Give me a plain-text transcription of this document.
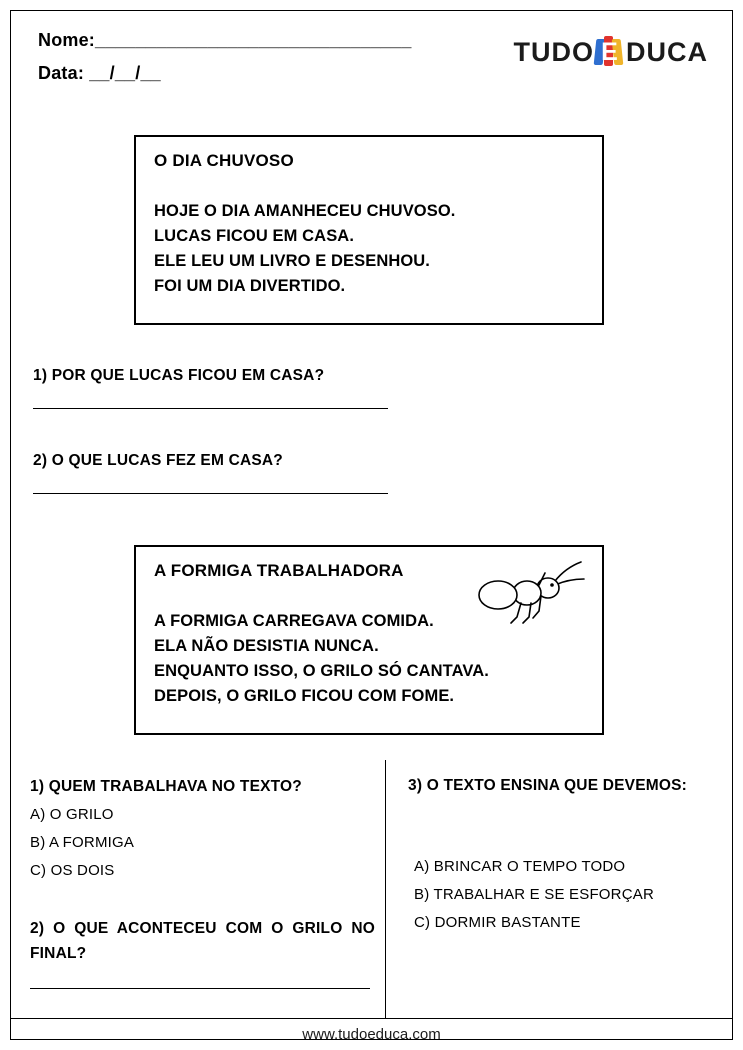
Nome:_______________________________
Data: __/__/__
TUDO E DUCA
O DIA CHUVOSO
HOJE O DIA AMANHECEU CHUVOSO.
LUCAS FICOU EM CASA.
ELE LEU UM LIVRO E DESENHOU.
FOI UM DIA DIVERTIDO.
1) POR QUE LUCAS FICOU EM CASA?
2) O QUE LUCAS FEZ EM CASA?
A FORMIGA TRABALHADORA
A FORMIGA CARREGAVA COMIDA.
ELA NÃO DESISTIA NUNCA.
ENQUANTO ISSO, O GRILO SÓ CANTAVA.
DEPOIS, O GRILO FICOU COM FOME.
1) QUEM TRABALHAVA NO TEXTO?
A) O GRILO
B) A FORMIGA
C) OS DOIS
2) O QUE ACONTECEU COM O GRILO NO FINAL?
3) O TEXTO ENSINA QUE DEVEMOS:
A) BRINCAR O TEMPO TODO
B) TRABALHAR E SE ESFORÇAR
C) DORMIR BASTANTE
www.tudoeduca.com
